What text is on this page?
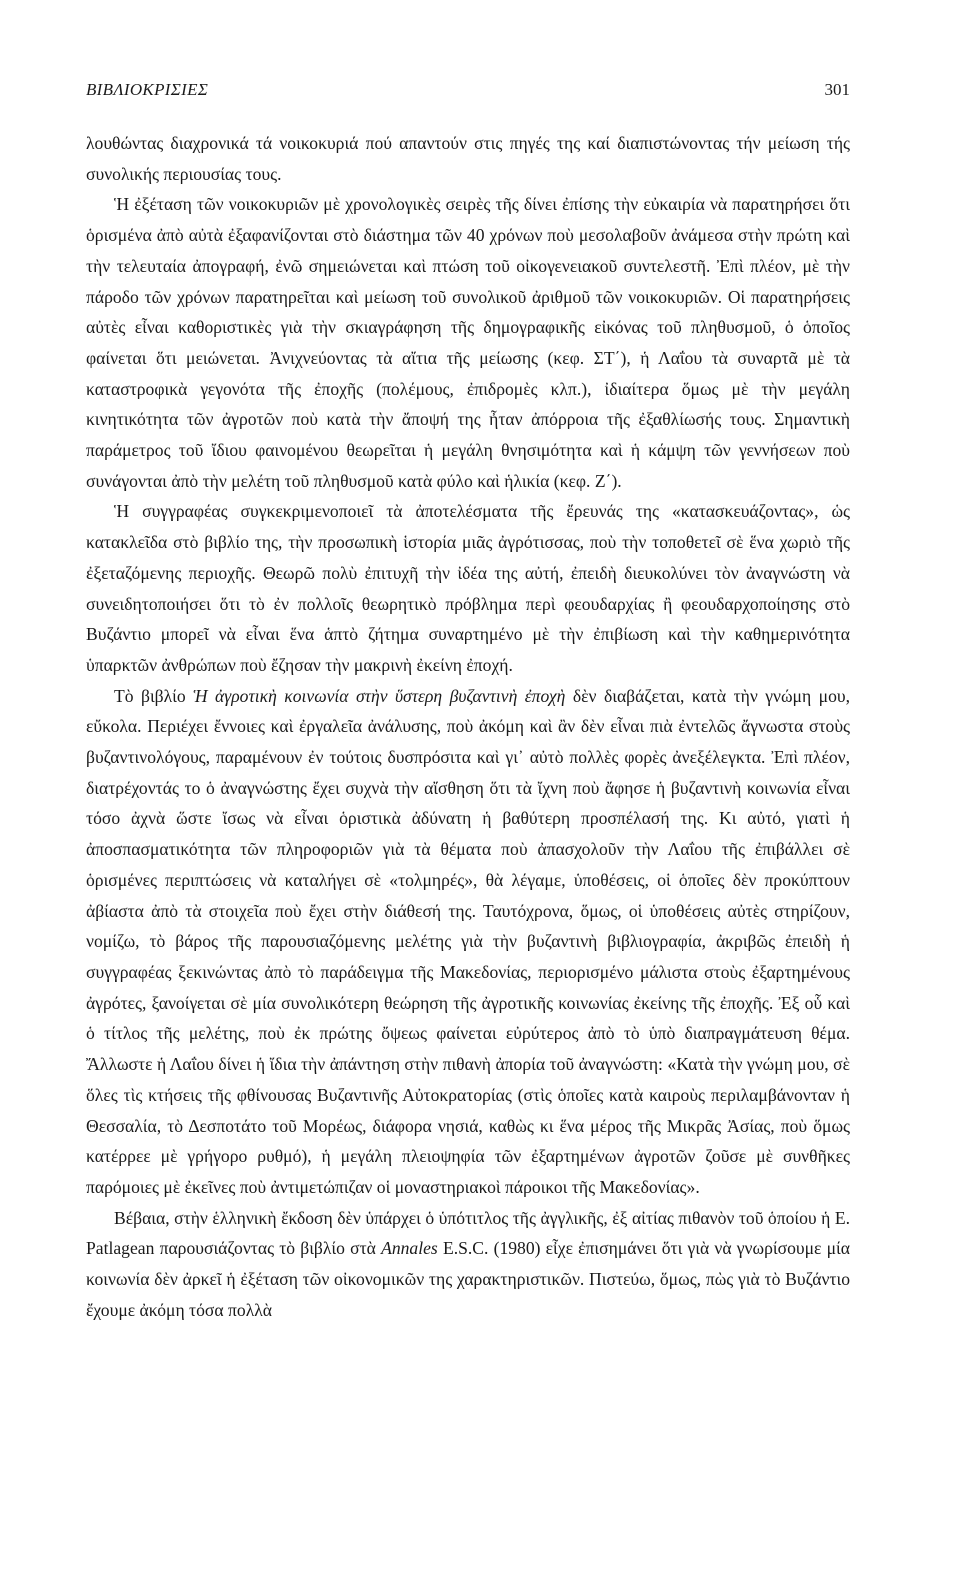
ΒΙΒΛΙΟΚΡΙΣΙΕΣ	301

λουθώντας διαχρονικά τά νοικοκυριά πού απαντούν στις πηγές της καί διαπιστώνοντας τήν μείωση τής συνολικής περιουσίας τους.

Ἡ ἐξέταση τῶν νοικοκυριῶν μὲ χρονολογικὲς σειρὲς τῆς δίνει ἐπίσης τὴν εὐκαιρία νὰ παρατηρήσει ὅτι ὁρισμένα ἀπὸ αὐτὰ ἐξαφανίζονται στὸ διάστημα τῶν 40 χρόνων ποὺ μεσολαβοῦν ἀνάμεσα στὴν πρώτη καὶ τὴν τελευταία ἀπογραφή, ἐνῶ σημειώνεται καὶ πτώση τοῦ οἰκογενειακοῦ συντελεστῆ. Ἐπὶ πλέον, μὲ τὴν πάροδο τῶν χρόνων παρατηρεῖται καὶ μείωση τοῦ συνολικοῦ ἀριθμοῦ τῶν νοικοκυριῶν. Οἱ παρατηρήσεις αὐτὲς εἶναι καθοριστικὲς γιὰ τὴν σκιαγράφηση τῆς δημογραφικῆς εἰκόνας τοῦ πληθυσμοῦ, ὁ ὁποῖος φαίνεται ὅτι μειώνεται. Ἀνιχνεύοντας τὰ αἴτια τῆς μείωσης (κεφ. ΣΤ΄), ἡ Λαΐου τὰ συναρτᾶ μὲ τὰ καταστροφικὰ γεγονότα τῆς ἐποχῆς (πολέμους, ἐπιδρομὲς κλπ.), ἰδιαίτερα ὅμως μὲ τὴν μεγάλη κινητικότητα τῶν ἀγροτῶν ποὺ κατὰ τὴν ἄποψή της ἦταν ἀπόρροια τῆς ἐξαθλίωσής τους. Σημαντικὴ παράμετρος τοῦ ἴδιου φαινομένου θεωρεῖται ἡ μεγάλη θνησιμότητα καὶ ἡ κάμψη τῶν γεννήσεων ποὺ συνάγονται ἀπὸ τὴν μελέτη τοῦ πληθυσμοῦ κατὰ φύλο καὶ ἡλικία (κεφ. Ζ΄).

Ἡ συγγραφέας συγκεκριμενοποιεῖ τὰ ἀποτελέσματα τῆς ἔρευνάς της «κατασκευάζοντας», ὡς κατακλεῖδα στὸ βιβλίο της, τὴν προσωπικὴ ἱστορία μιᾶς ἀγρότισσας, ποὺ τὴν τοποθετεῖ σὲ ἕνα χωριὸ τῆς ἐξεταζόμενης περιοχῆς. Θεωρῶ πολὺ ἐπιτυχῆ τὴν ἰδέα της αὐτή, ἐπειδὴ διευκολύνει τὸν ἀναγνώστη νὰ συνειδητοποιήσει ὅτι τὸ ἐν πολλοῖς θεωρητικὸ πρόβλημα περὶ φεουδαρχίας ἢ φεουδαρχοποίησης στὸ Βυζάντιο μπορεῖ νὰ εἶναι ἕνα ἁπτὸ ζήτημα συναρτημένο μὲ τὴν ἐπιβίωση καὶ τὴν καθημερινότητα ὑπαρκτῶν ἀνθρώπων ποὺ ἔζησαν τὴν μακρινὴ ἐκείνη ἐποχή.

Τὸ βιβλίο Ἡ ἀγροτικὴ κοινωνία στὴν ὕστερη βυζαντινὴ ἐποχὴ δὲν διαβάζεται, κατὰ τὴν γνώμη μου, εὔκολα. Περιέχει ἔννοιες καὶ ἐργαλεῖα ἀνάλυσης, ποὺ ἀκόμη καὶ ἂν δὲν εἶναι πιὰ ἐντελῶς ἄγνωστα στοὺς βυζαντινολόγους, παραμένουν ἐν τούτοις δυσπρόσιτα καὶ γι᾽ αὐτὸ πολλὲς φορὲς ἀνεξέλεγκτα. Ἐπὶ πλέον, διατρέχοντάς το ὁ ἀναγνώστης ἔχει συχνὰ τὴν αἴσθηση ὅτι τὰ ἴχνη ποὺ ἄφησε ἡ βυζαντινὴ κοινωνία εἶναι τόσο ἀχνὰ ὥστε ἴσως νὰ εἶναι ὁριστικὰ ἀδύνατη ἡ βαθύτερη προσπέλασή της. Κι αὐτό, γιατὶ ἡ ἀποσπασματικότητα τῶν πληροφοριῶν γιὰ τὰ θέματα ποὺ ἀπασχολοῦν τὴν Λαΐου τῆς ἐπιβάλλει σὲ ὁρισμένες περιπτώσεις νὰ καταλήγει σὲ «τολμηρές», θὰ λέγαμε, ὑποθέσεις, οἱ ὁποῖες δὲν προκύπτουν ἀβίαστα ἀπὸ τὰ στοιχεῖα ποὺ ἔχει στὴν διάθεσή της. Ταυτόχρονα, ὅμως, οἱ ὑποθέσεις αὐτὲς στηρίζουν, νομίζω, τὸ βάρος τῆς παρουσιαζόμενης μελέτης γιὰ τὴν βυζαντινὴ βιβλιογραφία, ἀκριβῶς ἐπειδὴ ἡ συγγραφέας ξεκινώντας ἀπὸ τὸ παράδειγμα τῆς Μακεδονίας, περιορισμένο μάλιστα στοὺς ἐξαρτημένους ἀγρότες, ξανοίγεται σὲ μία συνολικότερη θεώρηση τῆς ἀγροτικῆς κοινωνίας ἐκείνης τῆς ἐποχῆς. Ἐξ οὗ καὶ ὁ τίτλος τῆς μελέτης, ποὺ ἐκ πρώτης ὄψεως φαίνεται εὐρύτερος ἀπὸ τὸ ὑπὸ διαπραγμάτευση θέμα. Ἄλλωστε ἡ Λαΐου δίνει ἡ ἴδια τὴν ἀπάντηση στὴν πιθανὴ ἀπορία τοῦ ἀναγνώστη: «Κατὰ τὴν γνώμη μου, σὲ ὅλες τὶς κτήσεις τῆς φθίνουσας Βυζαντινῆς Αὐτοκρατορίας (στὶς ὁποῖες κατὰ καιροὺς περιλαμβάνονταν ἡ Θεσσαλία, τὸ Δεσποτάτο τοῦ Μορέως, διάφορα νησιά, καθὼς κι ἕνα μέρος τῆς Μικρᾶς Ἀσίας, ποὺ ὅμως κατέρρεε μὲ γρήγορο ρυθμό), ἡ μεγάλη πλειοψηφία τῶν ἐξαρτημένων ἀγροτῶν ζοῦσε μὲ συνθῆκες παρόμοιες μὲ ἐκεῖνες ποὺ ἀντιμετώπιζαν οἱ μοναστηριακοὶ πάροικοι τῆς Μακεδονίας».

Βέβαια, στὴν ἑλληνικὴ ἔκδοση δὲν ὑπάρχει ὁ ὑπότιτλος τῆς ἀγγλικῆς, ἐξ αἰτίας πιθανὸν τοῦ ὁποίου ἡ E. Patlagean παρουσιάζοντας τὸ βιβλίο στὰ Annales E.S.C. (1980) εἶχε ἐπισημάνει ὅτι γιὰ νὰ γνωρίσουμε μία κοινωνία δὲν ἀρκεῖ ἡ ἐξέταση τῶν οἰκονομικῶν της χαρακτηριστικῶν. Πιστεύω, ὅμως, πὼς γιὰ τὸ Βυζάντιο ἔχουμε ἀκόμη τόσα πολλὰ
